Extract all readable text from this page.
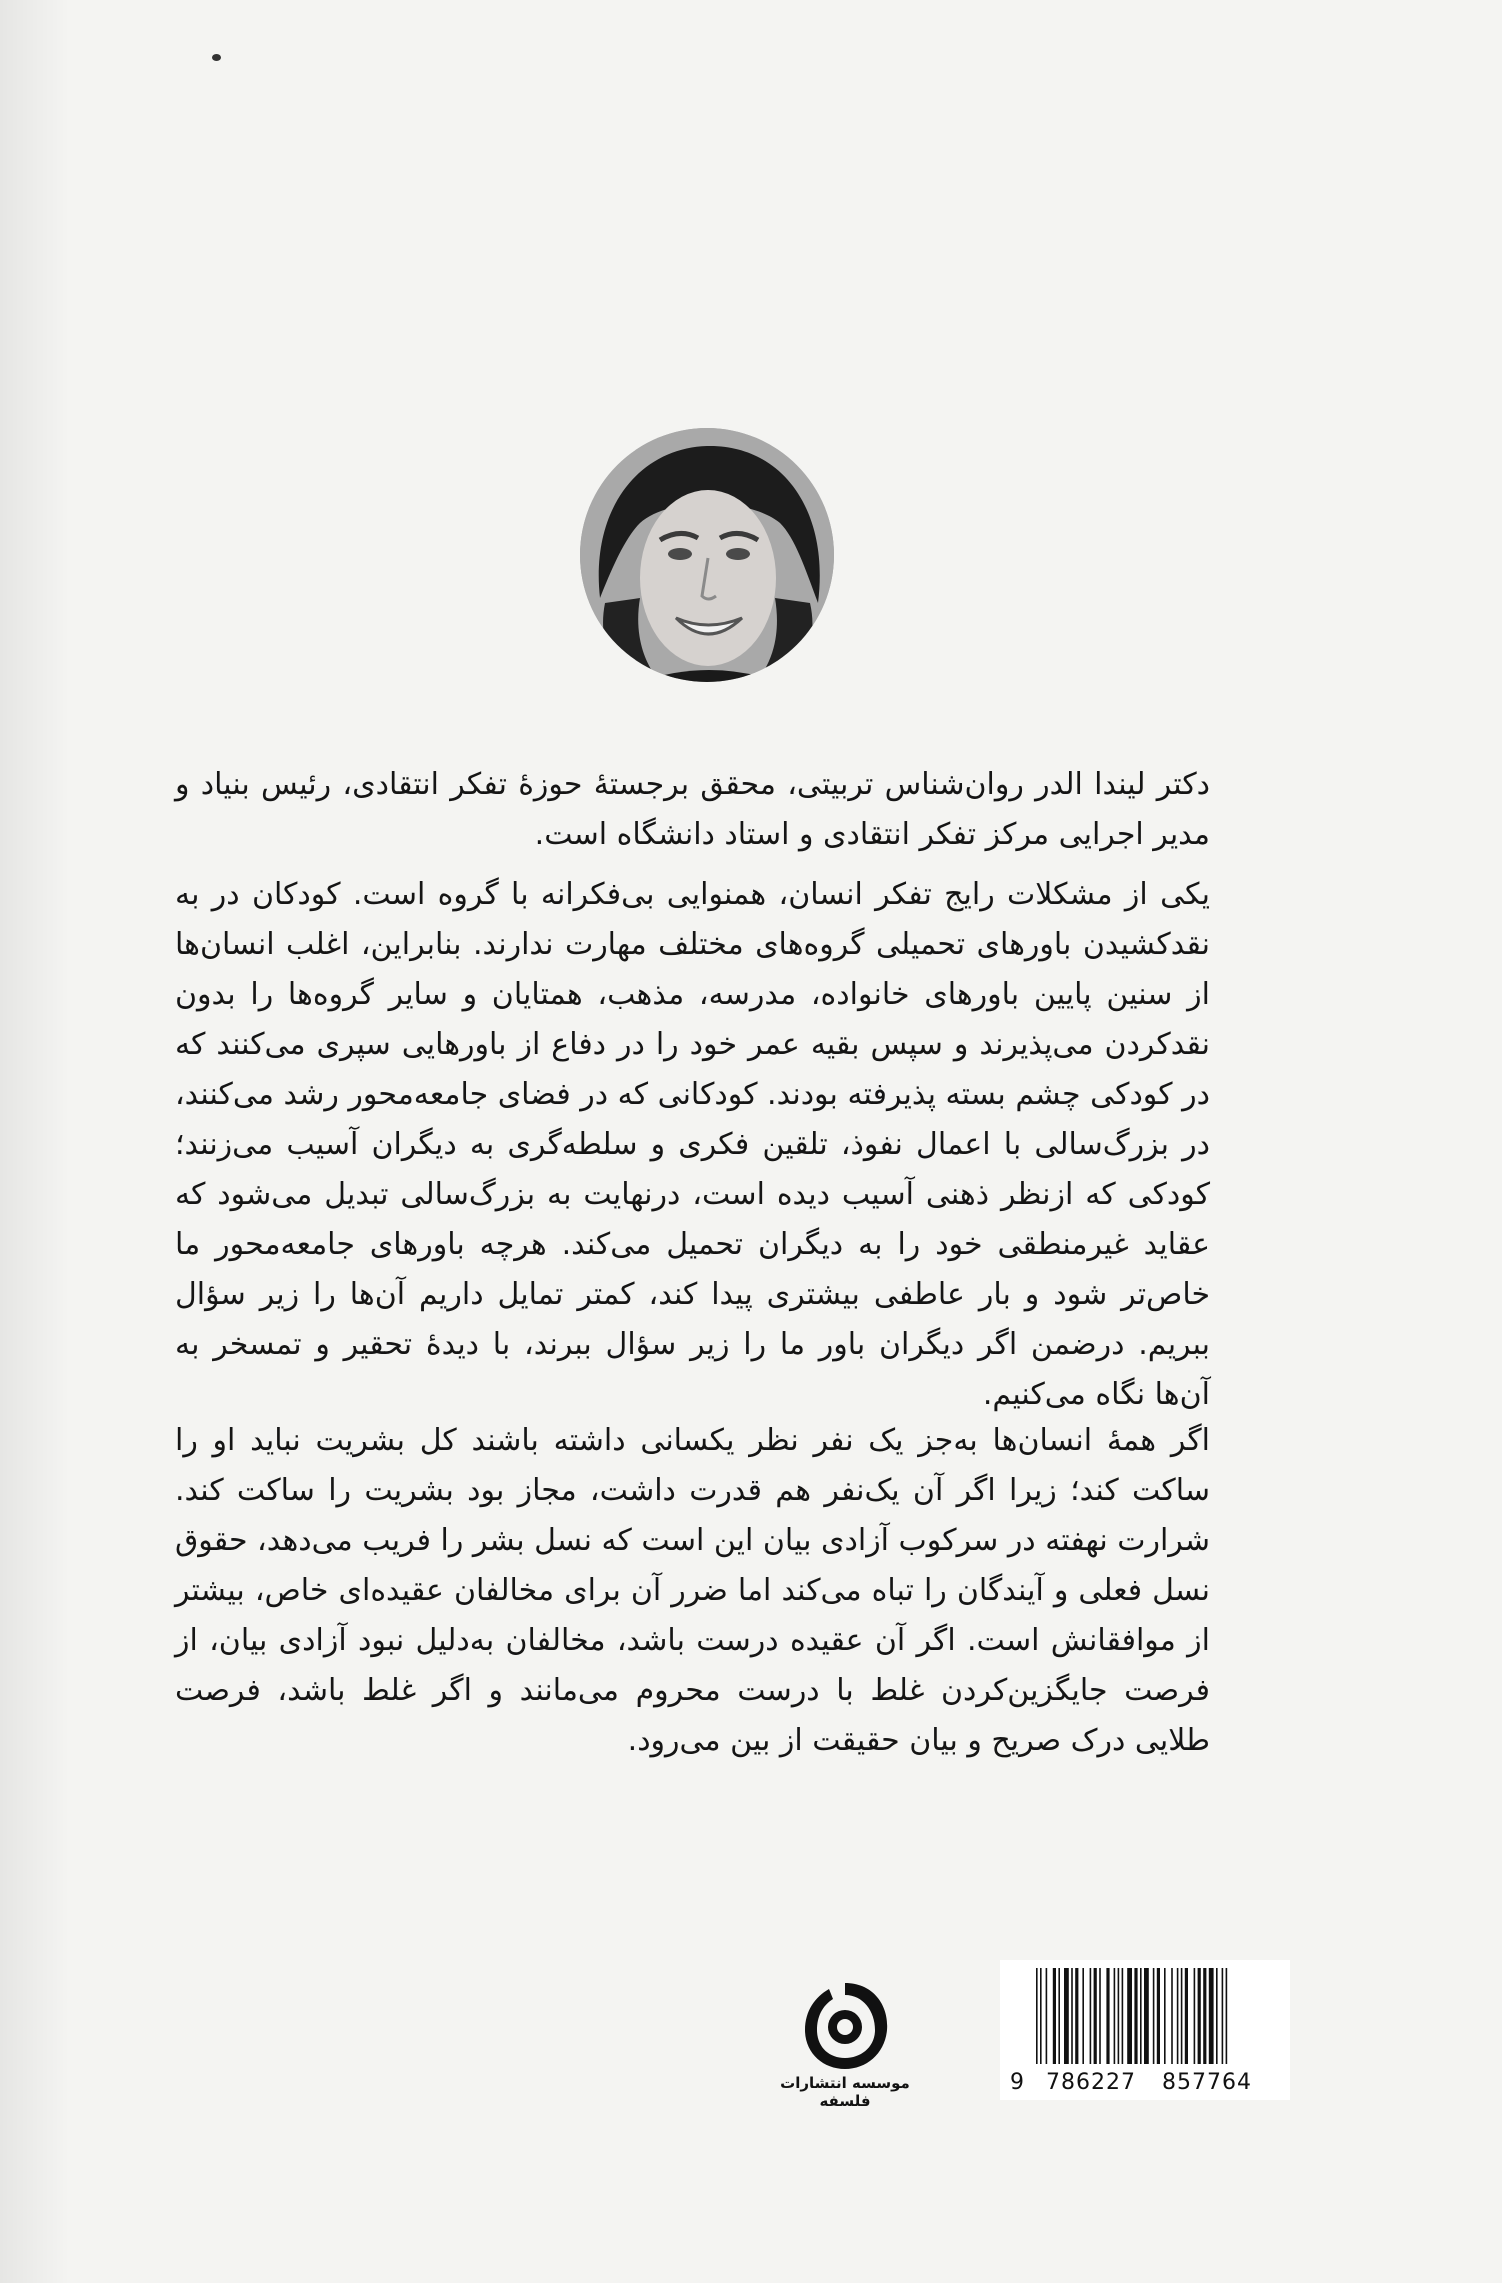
دکتر لیندا الدر روان‌شناس تربیتی، محقق برجستهٔ حوزهٔ تفکر انتقادی، رئیس بنیاد و مدیر اجرایی مرکز تفکر انتقادی و استاد دانشگاه است.
یکی از مشکلات رایج تفکر انسان، همنوایی بی‌فکرانه با گروه است. کودکان در به نقدکشیدن باورهای تحمیلی گروه‌های مختلف مهارت ندارند. بنابراین، اغلب انسان‌ها از سنین پایین باورهای خانواده، مدرسه، مذهب، همتایان و سایر گروه‌ها را بدون نقدکردن می‌پذیرند و سپس بقیه عمر خود را در دفاع از باورهایی سپری می‌کنند که در کودکی چشم بسته پذیرفته بودند. کودکانی که در فضای جامعه‌محور رشد می‌کنند، در بزرگ‌سالی با اعمال نفوذ، تلقین فکری و سلطه‌گری به دیگران آسیب می‌زنند؛ کودکی که ازنظر ذهنی آسیب دیده است، درنهایت به بزرگ‌سالی تبدیل می‌شود که عقاید غیرمنطقی خود را به دیگران تحمیل می‌کند. هرچه باورهای جامعه‌محور ما خاص‌تر شود و بار عاطفی بیشتری پیدا کند، کمتر تمایل داریم آن‌ها را زیر سؤال ببریم. درضمن اگر دیگران باور ما را زیر سؤال ببرند، با دیدهٔ تحقیر و تمسخر به آن‌ها نگاه می‌کنیم.
اگر همهٔ انسان‌ها به‌جز یک نفر نظر یکسانی داشته باشند کل بشریت نباید او را ساکت کند؛ زیرا اگر آن یک‌نفر هم قدرت داشت، مجاز بود بشریت را ساکت کند. شرارت نهفته در سرکوب آزادی بیان این است که نسل بشر را فریب می‌دهد، حقوق نسل فعلی و آیندگان را تباه می‌کند اما ضرر آن برای مخالفان عقیده‌ای خاص، بیشتر از موافقانش است. اگر آن عقیده درست باشد، مخالفان به‌دلیل نبود آزادی بیان، از فرصت جایگزین‌کردن غلط با درست محروم می‌مانند و اگر غلط باشد، فرصت طلایی درک صریح و بیان حقیقت از بین می‌رود.
موسسه انتشارات فلسفه
9 786227 857764
